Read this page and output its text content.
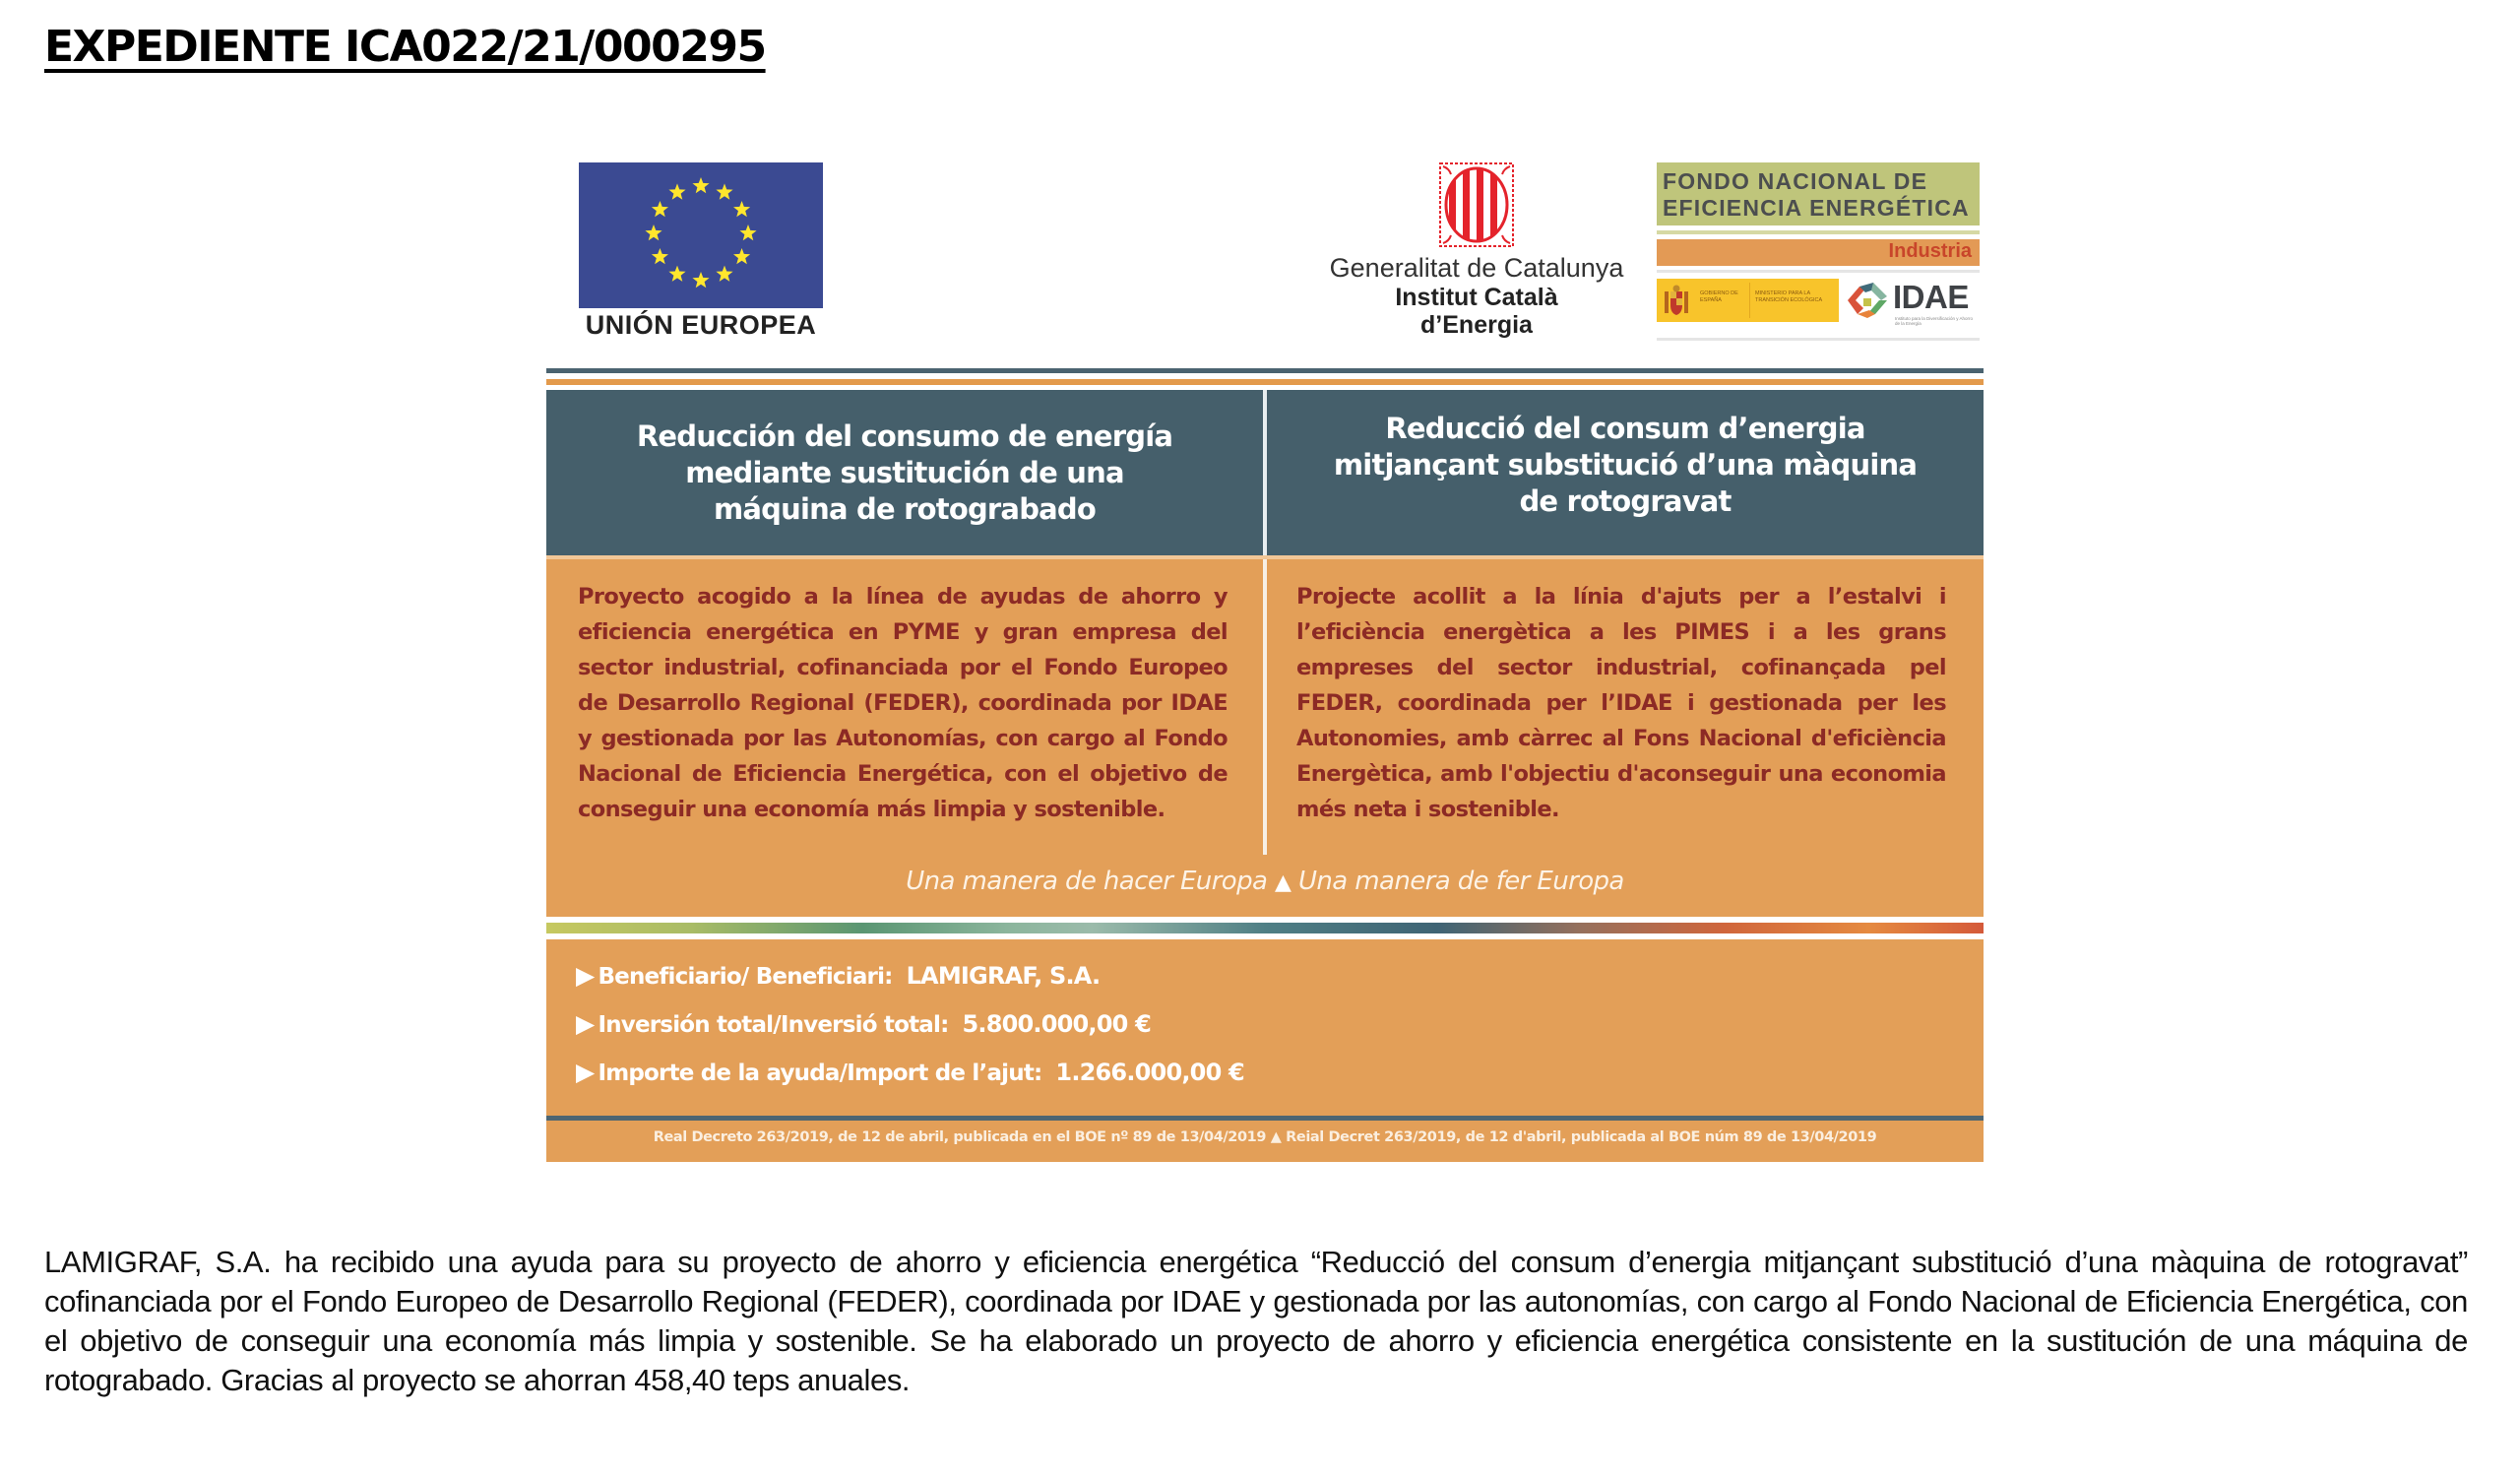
EXPEDIENTE ICA022/21/000295
UNIÓN EUROPEA
Generalitat de Catalunya
Institut Català
d’Energia
FONDO NACIONAL DE
EFICIENCIA ENERGÉTICA
Industria
GOBIERNO DE ESPAÑA
MINISTERIO PARA LA TRANSICIÓN ECOLÓGICA	IDAE
Instituto para la Diversificación y Ahorro de la Energía
Reducción del consumo de energía mediante sustitución de una máquina de rotograbado
Reducció del consum d’energia mitjançant substitució d’una màquina de rotogravat
Proyecto acogido a la línea de ayudas de ahorro y eficiencia energética en PYME y gran empresa del sector industrial, cofinanciada por el Fondo Europeo de Desarrollo Regional (FEDER), coordinada por IDAE y gestionada por las Autonomías, con cargo al Fondo Nacional de Eficiencia Energética, con el objetivo de conseguir una economía más limpia y sostenible.
Projecte acollit a la línia d'ajuts per a l’estalvi i l’eficiència energètica a les PIMES i a les grans empreses del sector industrial, cofinançada pel FEDER, coordinada per l’IDAE i gestionada per les Autonomies, amb càrrec al Fons Nacional d'eficiència Energètica, amb l'objectiu d'aconseguir una economia més neta i sostenible.
Una manera de hacer Europa ▲ Una manera de fer Europa
▶ Beneficiario/ Beneficiari: LAMIGRAF, S.A.
▶ Inversión total/Inversió total: 5.800.000,00 €
▶ Importe de la ayuda/Import de l’ajut: 1.266.000,00 €
Real Decreto 263/2019, de 12 de abril, publicada en el BOE nº 89 de 13/04/2019 ▲ Reial Decret 263/2019, de 12 d'abril, publicada al BOE núm 89 de 13/04/2019
LAMIGRAF, S.A. ha recibido una ayuda para su proyecto de ahorro y eficiencia energética “Reducció del consum d’energia mitjançant substitució d’una màquina de rotogravat” cofinanciada por el Fondo Europeo de Desarrollo Regional (FEDER), coordinada por IDAE y gestionada por las autonomías, con cargo al Fondo Nacional de Eficiencia Energética, con el objetivo de conseguir una economía más limpia y sostenible. Se ha elaborado un proyecto de ahorro y eficiencia energética consistente en la sustitución de una máquina de rotograbado. Gracias al proyecto se ahorran 458,40 teps anuales.
